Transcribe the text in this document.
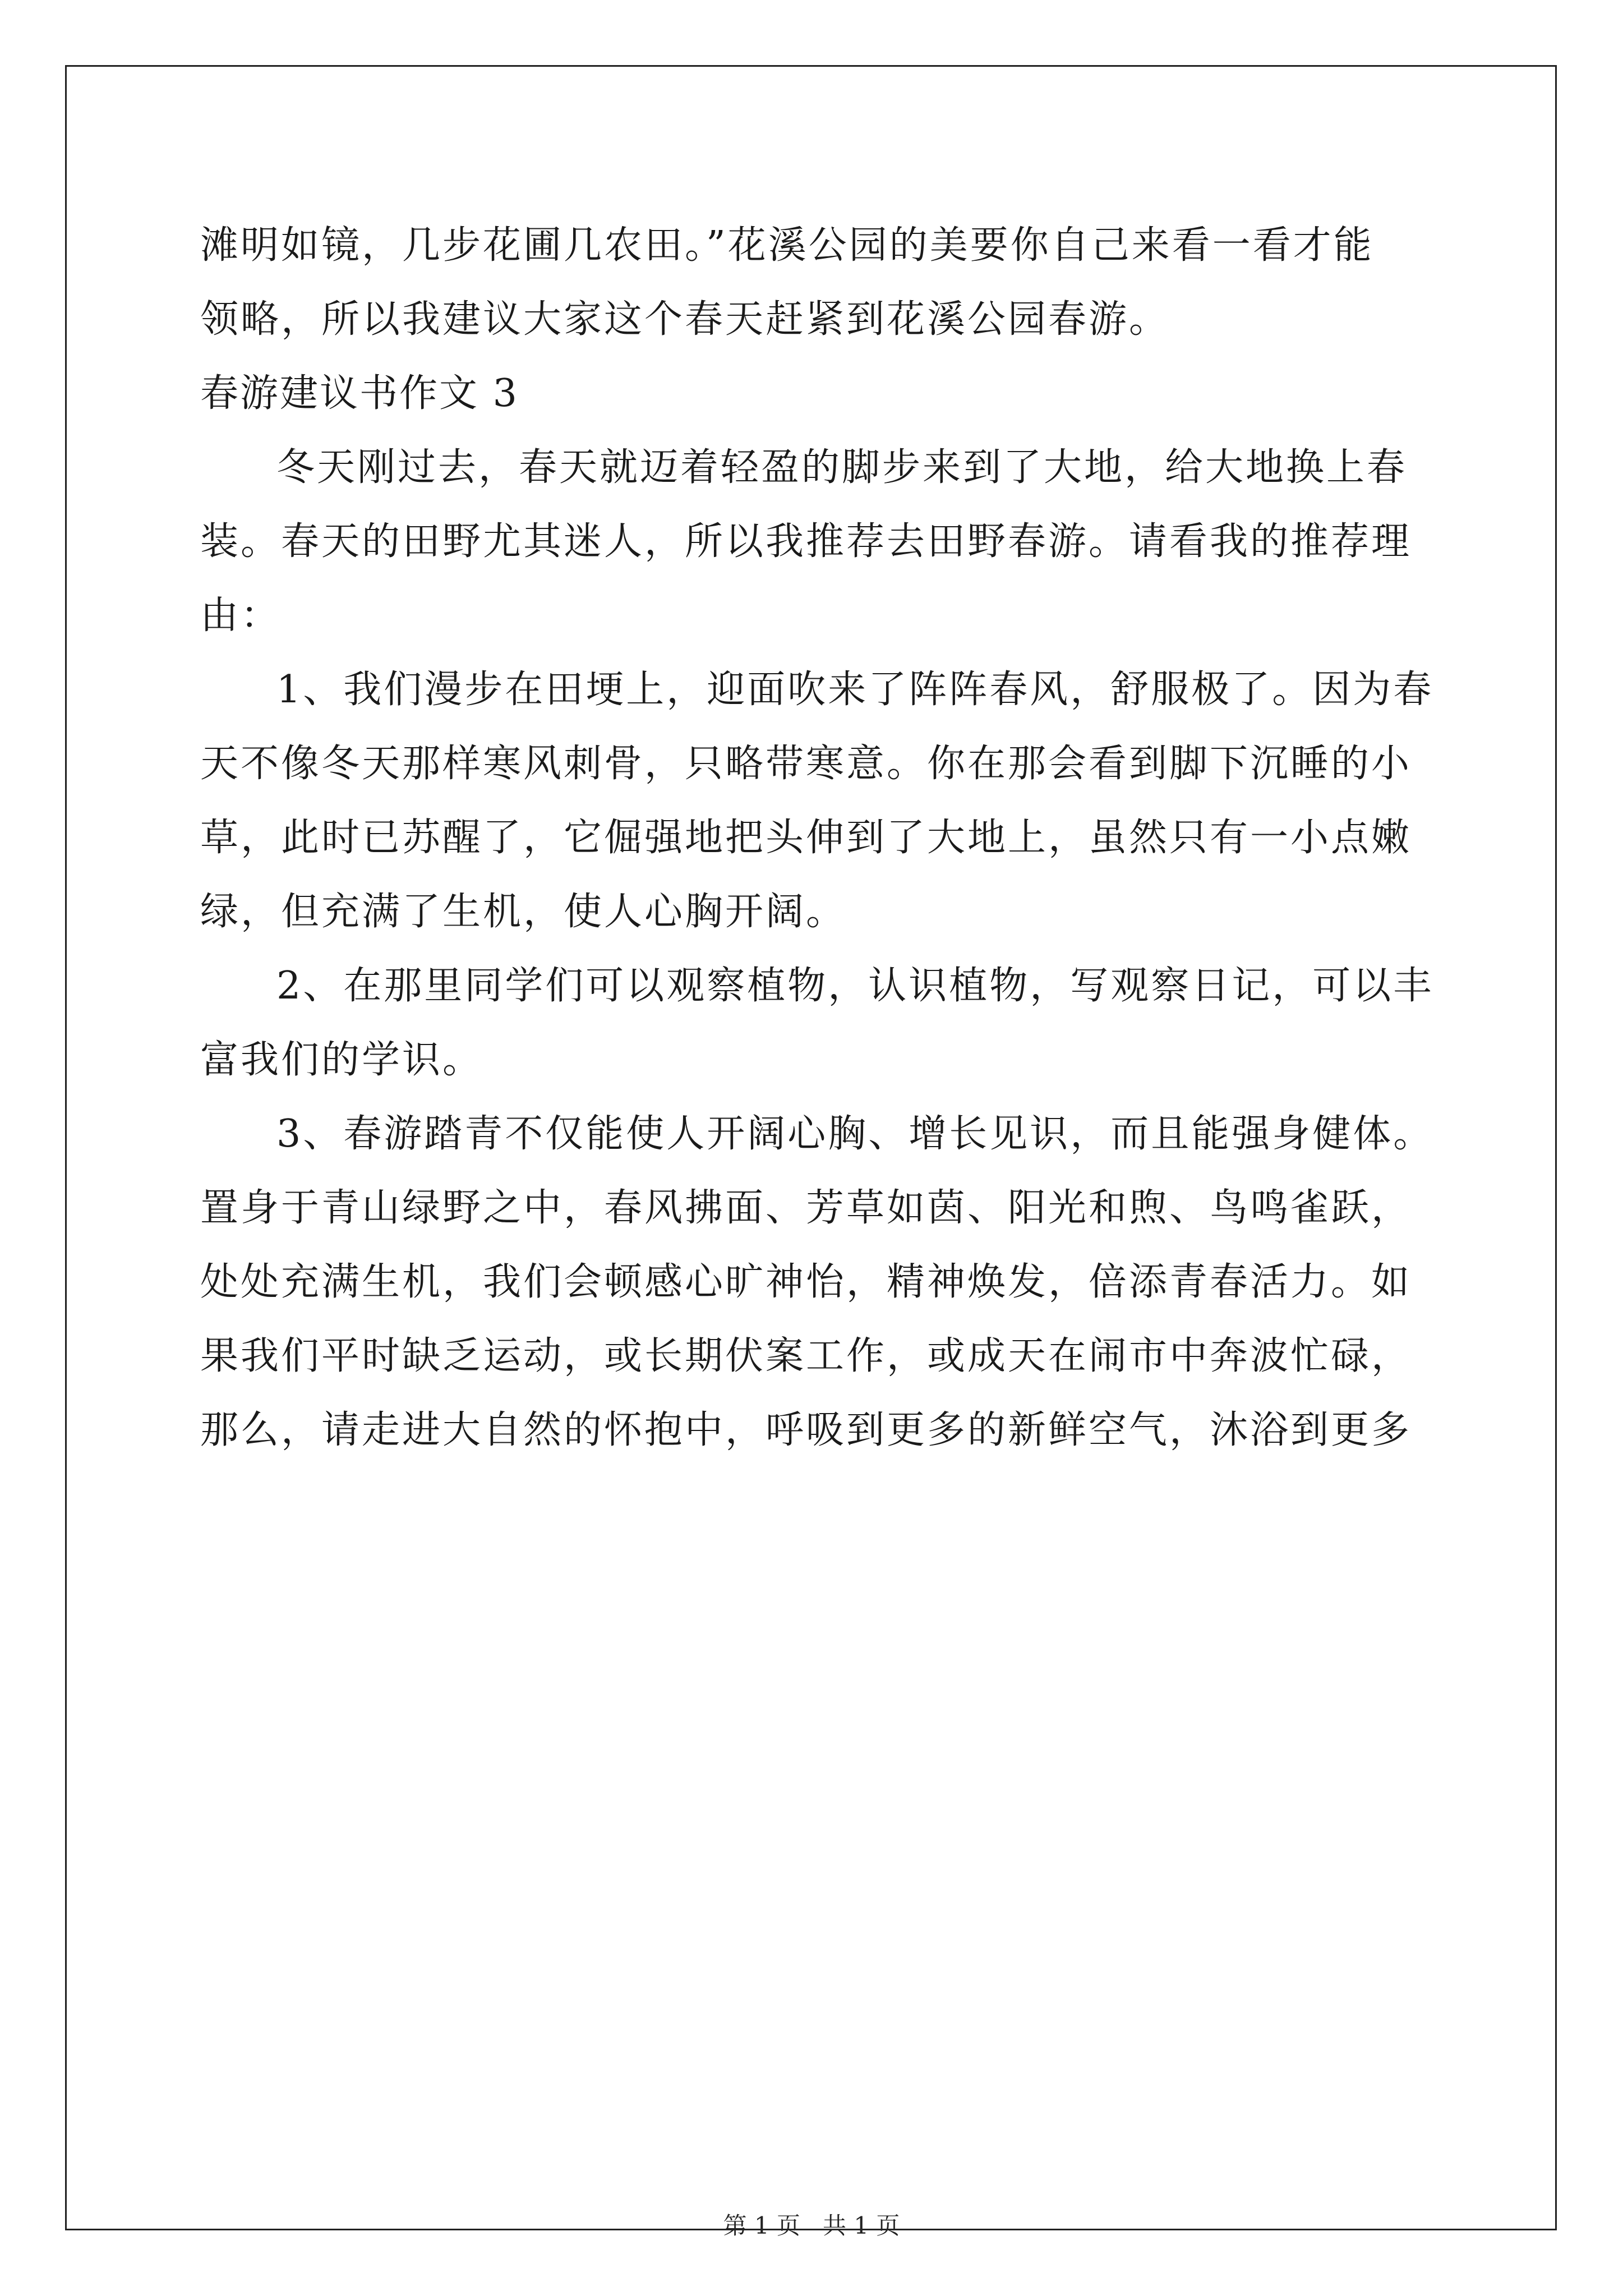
滩明如镜，几步花圃几农田。”花溪公园的美要你自己来看一看才能
领略，所以我建议大家这个春天赶紧到花溪公园春游。
春游建议书作文 3
冬天刚过去，春天就迈着轻盈的脚步来到了大地，给大地换上春
装。春天的田野尤其迷人，所以我推荐去田野春游。请看我的推荐理
由：
1、我们漫步在田埂上，迎面吹来了阵阵春风，舒服极了。因为春
天不像冬天那样寒风刺骨，只略带寒意。你在那会看到脚下沉睡的小
草，此时已苏醒了，它倔强地把头伸到了大地上，虽然只有一小点嫩
绿，但充满了生机，使人心胸开阔。
2、在那里同学们可以观察植物，认识植物，写观察日记，可以丰
富我们的学识。
3、春游踏青不仅能使人开阔心胸、增长见识，而且能强身健体。
置身于青山绿野之中，春风拂面、芳草如茵、阳光和煦、鸟鸣雀跃，
处处充满生机，我们会顿感心旷神怡，精神焕发，倍添青春活力。如
果我们平时缺乏运动，或长期伏案工作，或成天在闹市中奔波忙碌，
那么，请走进大自然的怀抱中，呼吸到更多的新鲜空气，沐浴到更多
第 1 页 共 1 页
